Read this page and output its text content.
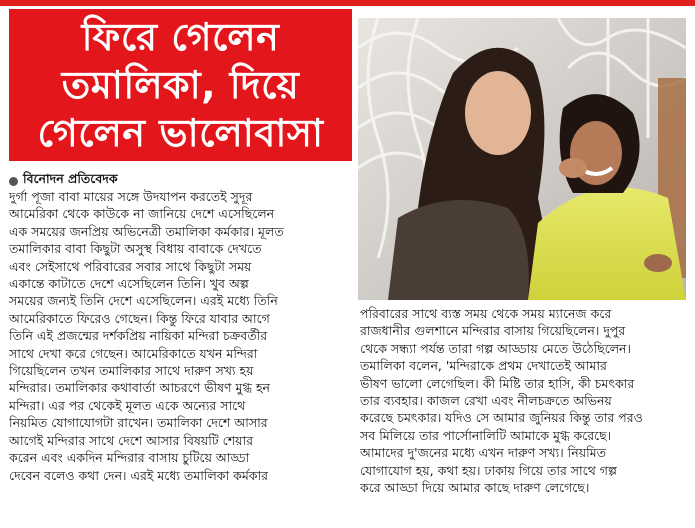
ফিরে গেলেন
তমালিকা, দিয়ে
গেলেন ভালোবাসা
বিনোদন প্রতিবেদক

দুর্গা পূজা বাবা মায়ের সঙ্গে উদযাপন করতেই সুদূর

আমেরিকা থেকে কাউকে না জানিয়ে দেশে এসেছিলেন

এক সময়ের জনপ্রিয় অভিনেত্রী তমালিকা কর্মকার। মূলত

তমালিকার বাবা কিছুটা অসুস্থ বিধায় বাবাকে দেখতে

এবং সেইসাথে পরিবারের সবার সাথে কিছুটা সময়

একান্তে কাটাতে দেশে এসেছিলেন তিনি। খুব অল্প

সময়ের জন্যই তিনি দেশে এসেছিলেন। এরই মধ্যে তিনি

আমেরিকাতে ফিরেও গেছেন। কিন্তু ফিরে যাবার আগে

তিনি এই প্রজন্মের দর্শকপ্রিয় নায়িকা মন্দিরা চক্রবর্তীর

সাথে দেখা করে গেছেন। আমেরিকাতে যখন মন্দিরা

গিয়েছিলেন তখন তমালিকার সাথে দারুণ সখ্য হয়

মন্দিরার। তমালিকার কথাবার্তা আচরণে ভীষণ মুগ্ধ হন

মন্দিরা। এর পর থেকেই মূলত একে অন্যের সাথে

নিয়মিত যোগাযোগটা রাখেন। তমালিকা দেশে আসার

আগেই মন্দিরার সাথে দেশে আসার বিষয়টি শেয়ার

করেন এবং একদিন মন্দিরার বাসায় চুটিয়ে আড্ডা

দেবেন বলেও কথা দেন। এরই মধ্যে তমালিকা কর্মকার

পরিবারের সাথে ব্যস্ত সময় থেকে সময় ম্যানেজ করে

রাজধানীর গুলশানে মন্দিরার বাসায় গিয়েছিলেন। দুপুর

থেকে সন্ধ্যা পর্যন্ত তারা গল্প আড্ডায় মেতে উঠেছিলেন।

তমালিকা বলেন, 'মন্দিরাকে প্রথম দেখাতেই আমার

ভীষণ ভালো লেগেছিল। কী মিষ্টি তার হাসি, কী চমৎকার

তার ব্যবহার। কাজল রেখা এবং নীলচক্রতে অভিনয়

করেছে চমৎকার। যদিও সে আমার জুনিয়র কিন্তু তার পরও

সব মিলিয়ে তার পার্সোনালিটি আমাকে মুগ্ধ করেছে।

আমাদের দু'জনের মধ্যে এখন দারুণ সখ্য। নিয়মিত

যোগাযোগ হয়, কথা হয়। ঢাকায় গিয়ে তার সাথে গল্প

করে আড্ডা দিয়ে আমার কাছে দারুণ লেগেছে।
